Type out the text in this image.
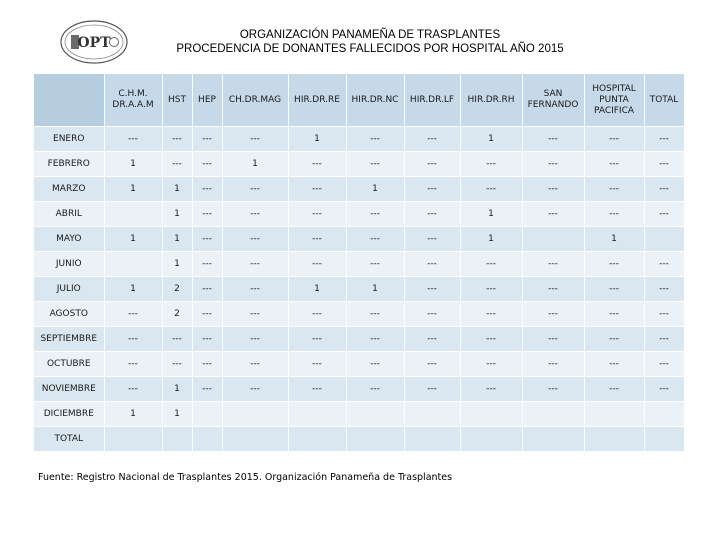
OPT	ORGANIZACIÓN PANAMEÑA DE TRASPLANTES
PROCEDENCIA DE DONANTES FALLECIDOS POR HOSPITAL AÑO 2015
	C.H.M. DR.A.A.M	HST	HEP	CH.DR.MAG	HIR.DR.RE	HIR.DR.NC	HIR.DR.LF	HIR.DR.RH	SAN FERNANDO	HOSPITAL PUNTA PACIFICA	TOTAL
ENERO	---	---	---	---	1	---	---	1	---	---	---
FEBRERO	1	---	---	1	---	---	---	---	---	---	---
MARZO	1	1	---	---	---	1	---	---	---	---	---
ABRIL		1	---	---	---	---	---	1	---	---	---
MAYO	1	1	---	---	---	---	---	1		1	
JUNIO		1	---	---	---	---	---	---	---	---	---
JULIO	1	2	---	---	1	1	---	---	---	---	---
AGOSTO	---	2	---	---	---	---	---	---	---	---	---
SEPTIEMBRE	---	---	---	---	---	---	---	---	---	---	---
OCTUBRE	---	---	---	---	---	---	---	---	---	---	---
NOVIEMBRE	---	1	---	---	---	---	---	---	---	---	---
DICIEMBRE	1	1									
TOTAL											
Fuente: Registro Nacional de Trasplantes 2015. Organización Panameña de Trasplantes
